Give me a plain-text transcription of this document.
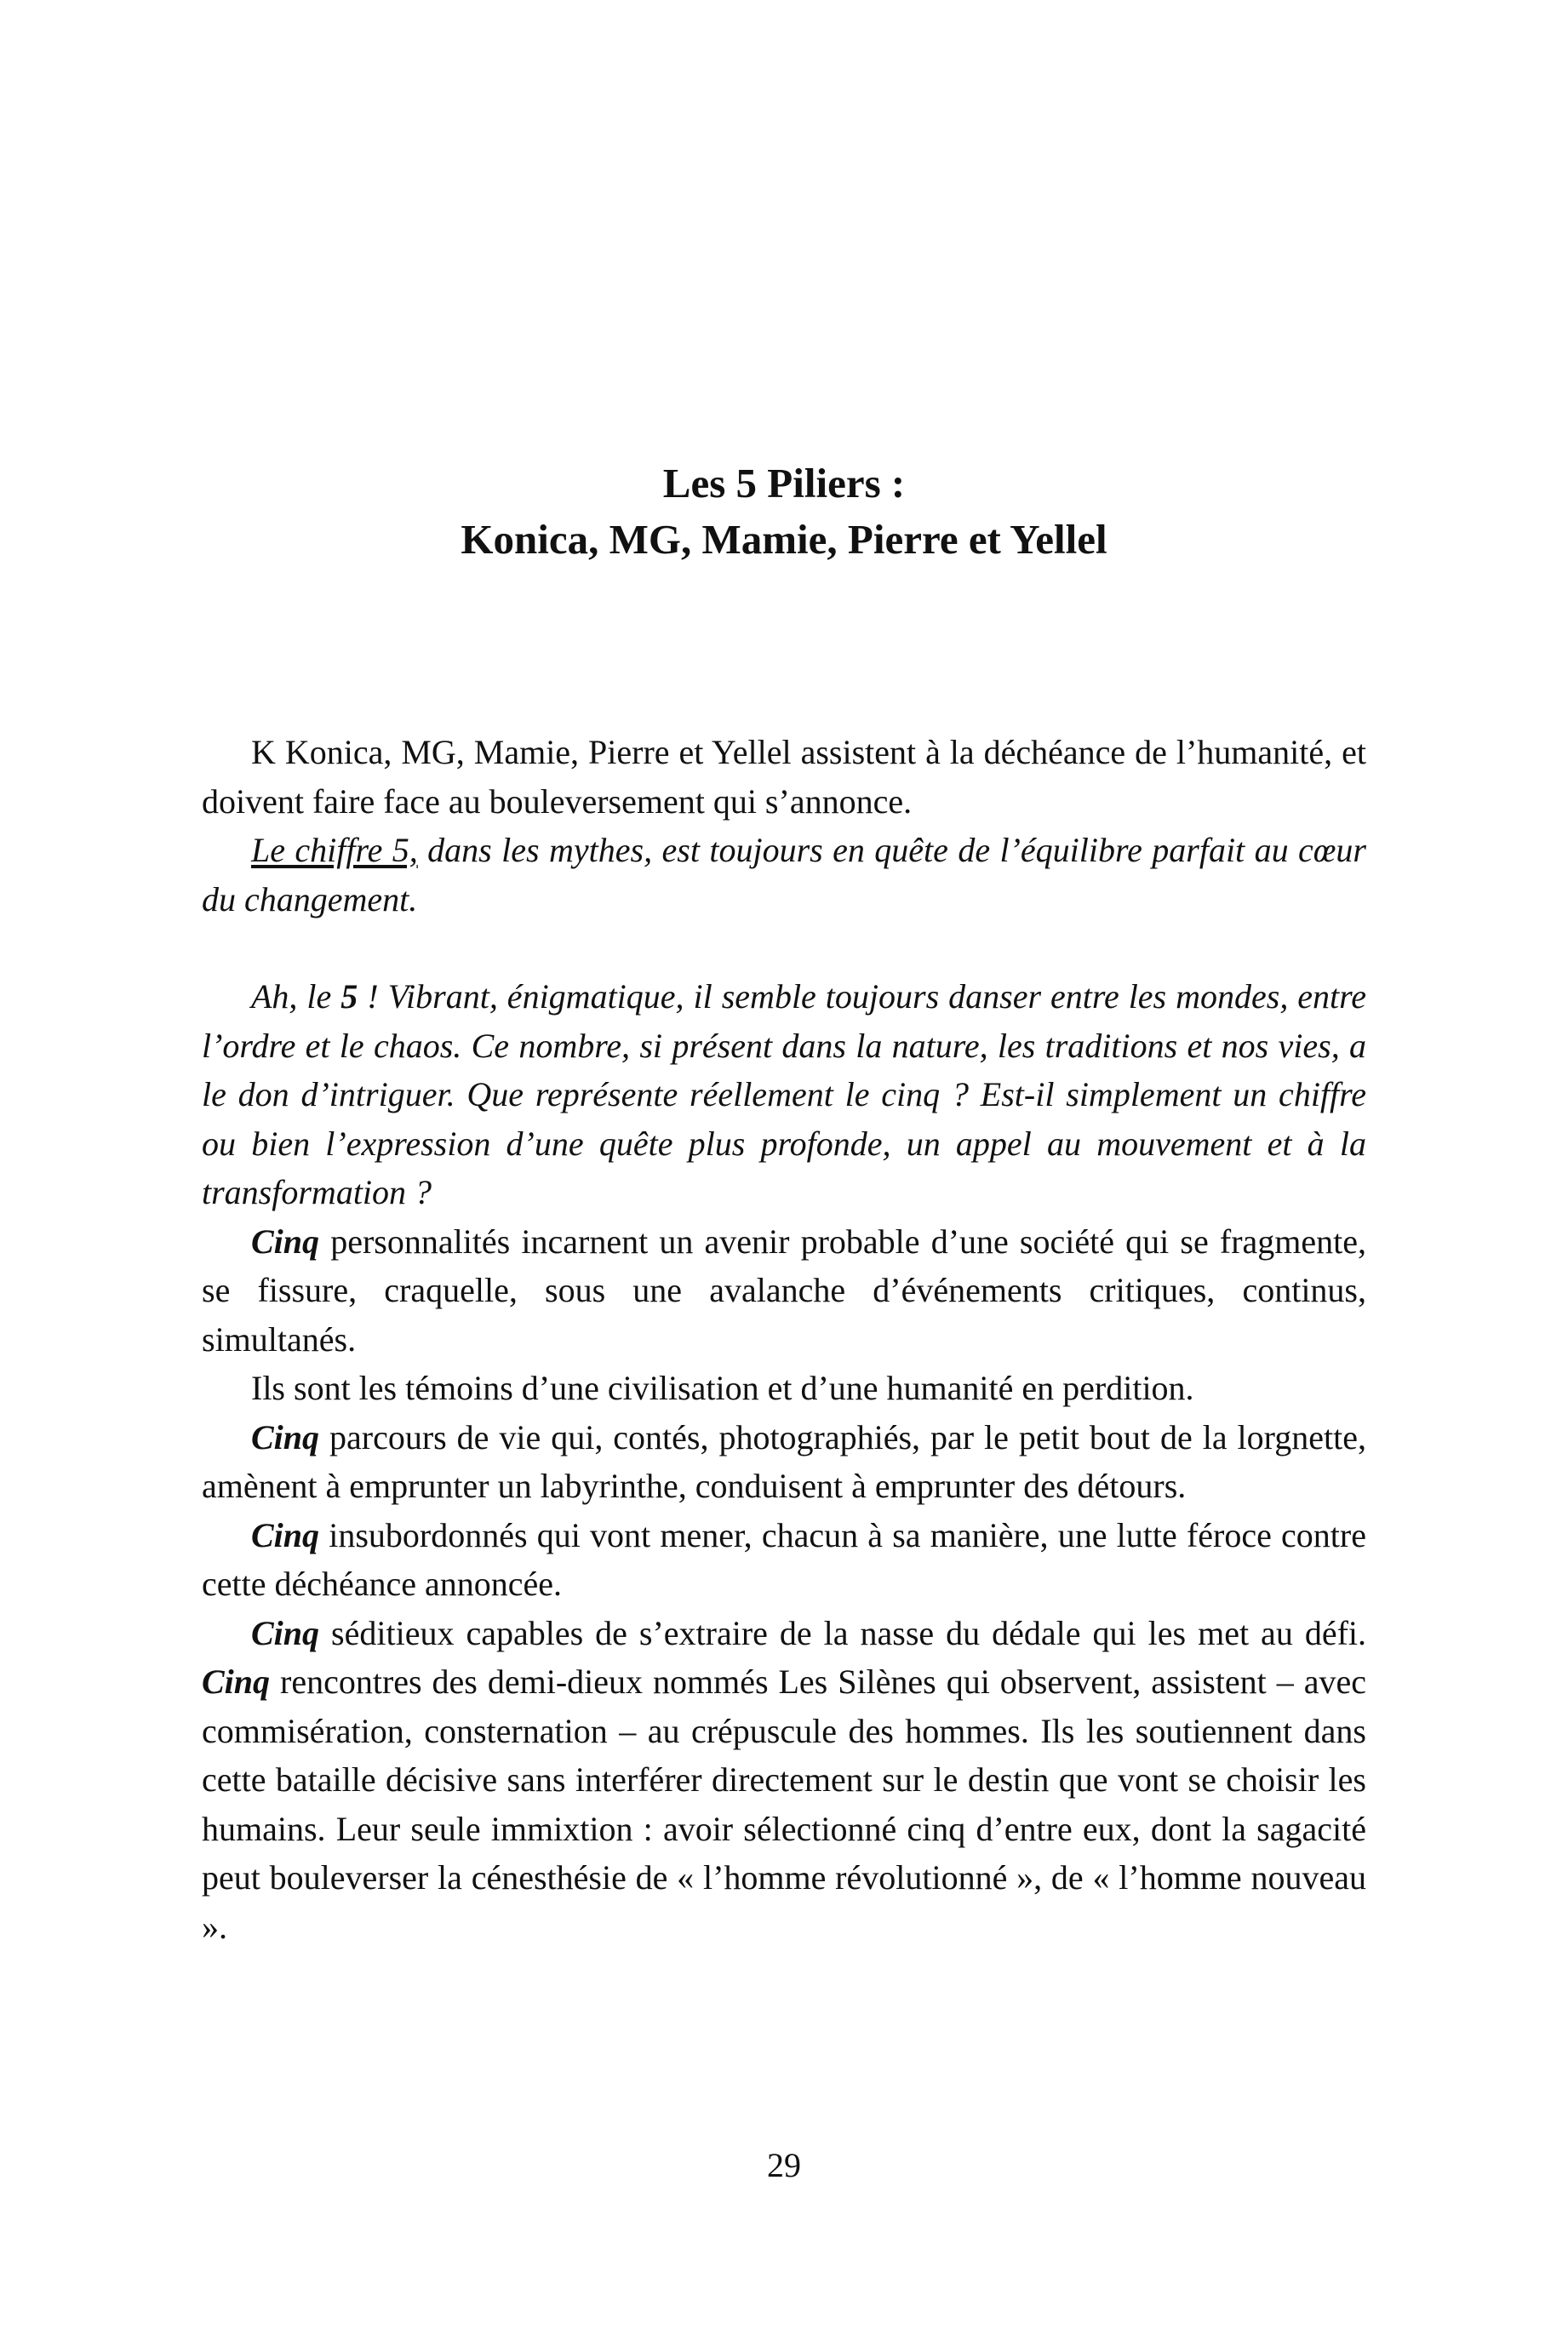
Les 5 Piliers :
Konica, MG, Mamie, Pierre et Yellel

K Konica, MG, Mamie, Pierre et Yellel assistent à la déchéance de l’humanité, et doivent faire face au bouleversement qui s’annonce.

Le chiffre 5, dans les mythes, est toujours en quête de l’équilibre parfait au cœur du changement.

Ah, le 5 ! Vibrant, énigmatique, il semble toujours danser entre les mondes, entre l’ordre et le chaos. Ce nombre, si présent dans la nature, les traditions et nos vies, a le don d’intriguer. Que représente réellement le cinq ? Est-il simplement un chiffre ou bien l’expression d’une quête plus profonde, un appel au mouvement et à la transformation ?

Cinq personnalités incarnent un avenir probable d’une société qui se fragmente, se fissure, craquelle, sous une avalanche d’événements critiques, continus, simultanés.

Ils sont les témoins d’une civilisation et d’une humanité en perdition.

Cinq parcours de vie qui, contés, photographiés, par le petit bout de la lorgnette, amènent à emprunter un labyrinthe, conduisent à emprunter des détours.

Cinq insubordonnés qui vont mener, chacun à sa manière, une lutte féroce contre cette déchéance annoncée.

Cinq séditieux capables de s’extraire de la nasse du dédale qui les met au défi. Cinq rencontres des demi-dieux nommés Les Silènes qui observent, assistent – avec commisération, consternation – au crépuscule des hommes. Ils les soutiennent dans cette bataille décisive sans interférer directement sur le destin que vont se choisir les humains. Leur seule immixtion : avoir sélectionné cinq d’entre eux, dont la sagacité peut bouleverser la cénesthésie de « l’homme révolutionné », de « l’homme nouveau ».

29
